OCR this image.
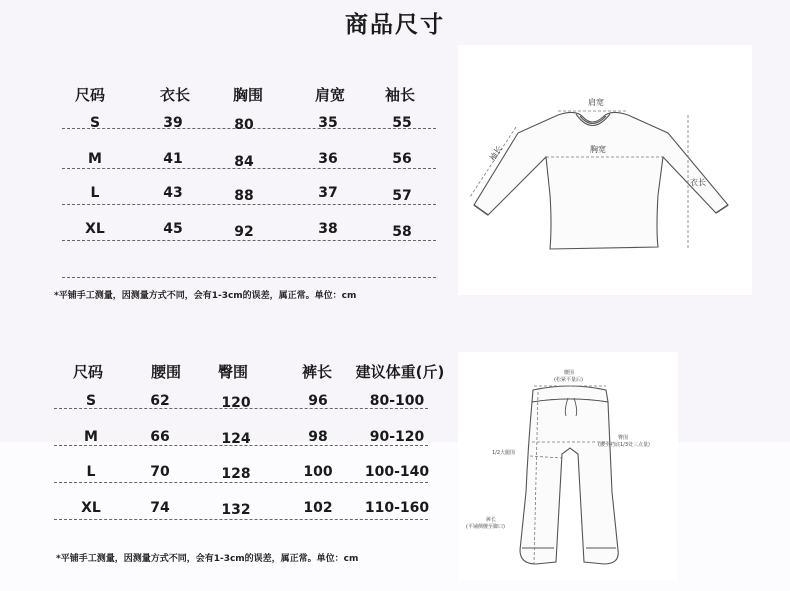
商品尺寸
尺码	衣长	胸围	肩宽	袖长
S	39	80	35	55
M	41	84	36	56
L	43	88	37	57
XL	45	92	38	58
*平铺手工测量，因测量方式不同，会有1-3cm的误差，属正常。单位：cm
肩宽
胸宽
袖长
衣长
尺码	腰围	臀围	裤长	建议体重(斤)
S	62	120	96	80-100
M	66	124	98	90-120
L	70	128	100	100-140
XL	74	132	102	110-160
*平铺手工测量，因测量方式不同，会有1-3cm的误差，属正常。单位：cm
腰围
(松紧平量后)
臀围
(腰至裆底1/3处三点量)
1/2大腿围
裤长
(平铺侧腰至脚口)
